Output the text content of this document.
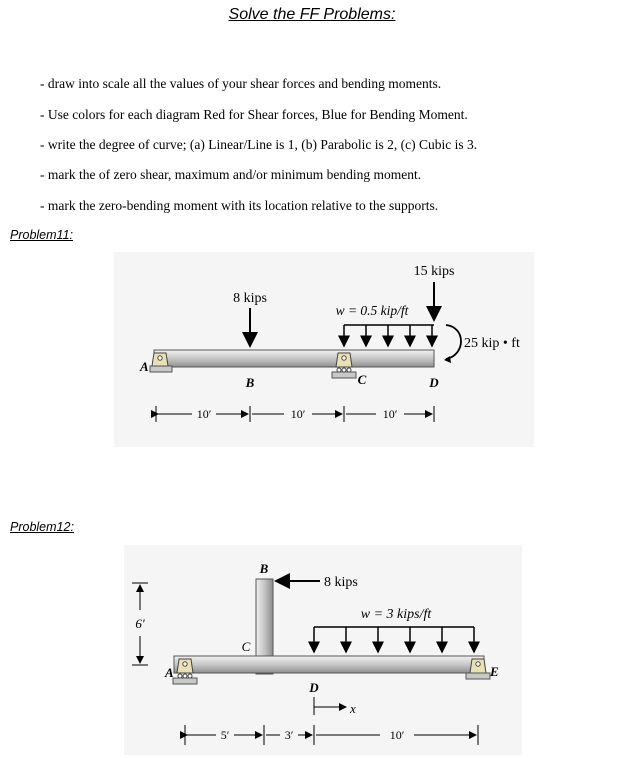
Solve the FF Problems:
- draw into scale all the values of your shear forces and bending moments.
- Use colors for each diagram Red for Shear forces, Blue for Bending Moment.
- write the degree of curve; (a) Linear/Line is 1, (b) Parabolic is 2, (c) Cubic is 3.
- mark the of zero shear, maximum and/or minimum bending moment.
- mark the zero-bending moment with its location relative to the supports.
Problem11:
8 kips
w = 0.5 kip/ft
15 kips
25 kip • ft
A
B	C	D
10′	10′	10′
Problem12:
8 kips
w = 3 kips/ft
B
C
A
D
E
x
5′	3′	10′
6′
